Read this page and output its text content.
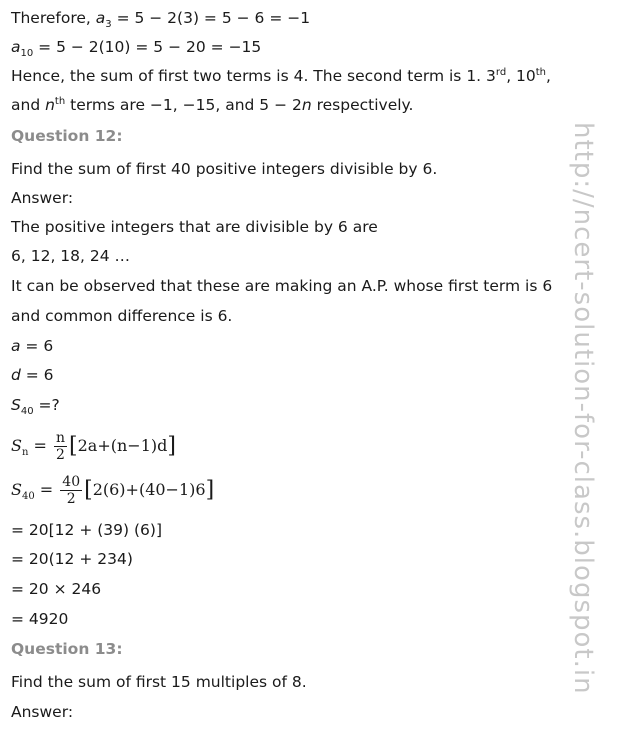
Therefore, $a_3 = 5 - 2(3) = 5 - 6 = -1$
$a_{10} = 5 - 2(10) = 5 - 20 = -15$
Hence, the sum of first two terms is 4. The second term is 1. 3rd, 10th,
and $n^{th}$ terms are −1, −15, and 5 − 2n respectively.
Question 12:
Find the sum of first 40 positive integers divisible by 6.
Answer:
The positive integers that are divisible by 6 are
6, 12, 18, 24 …
It can be observed that these are making an A.P. whose first term is 6
and common difference is 6.
a = 6
d = 6
$S_{40}$ =?
$S_n = \frac{n}{2} [2a+(n-1)d]$
$S_{40} = \frac{40}{2} [2(6)+(40-1)6]$
= 20[12 + (39) (6)]
= 20(12 + 234)
= 20 × 246
= 4920
Question 13:
Find the sum of first 15 multiples of 8.
Answer:
http://ncert-solution-for-class.blogspot.in
